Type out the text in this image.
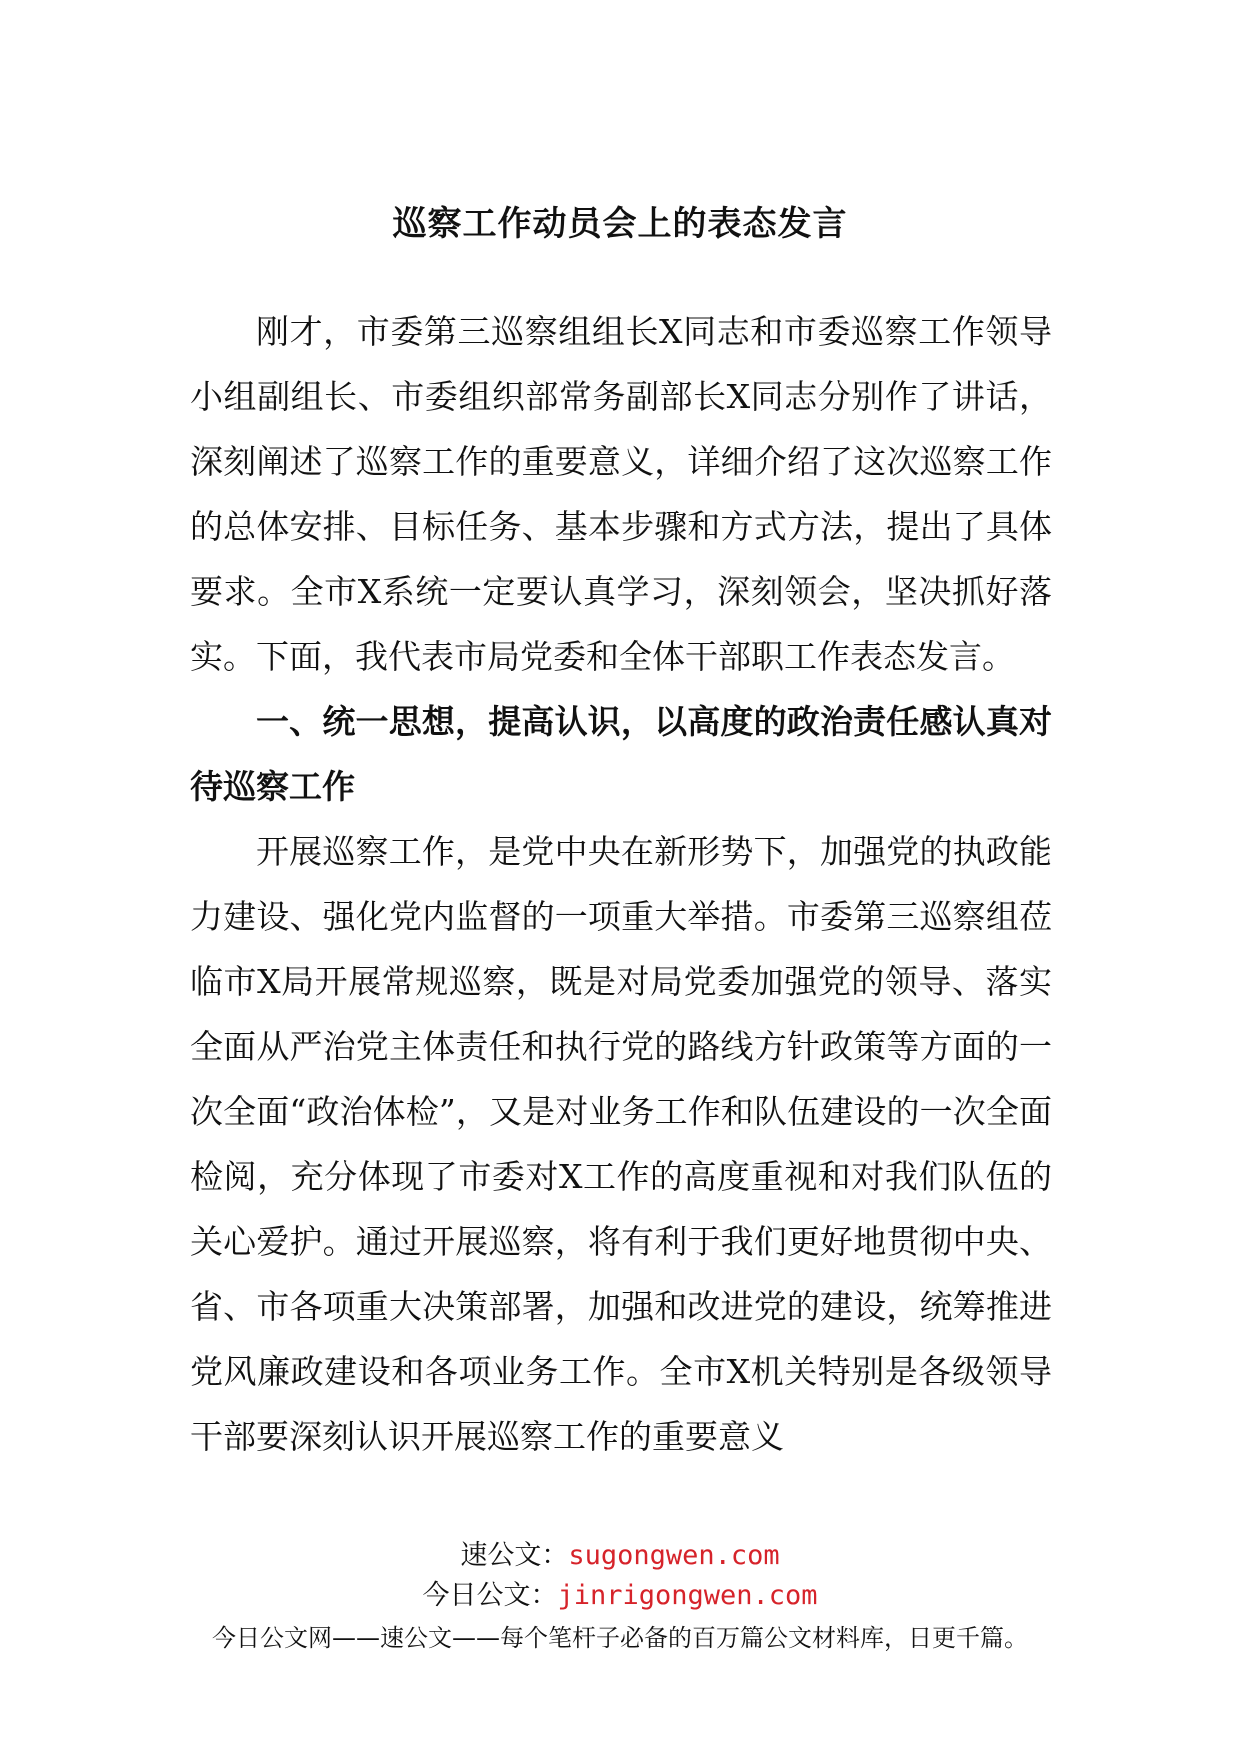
巡察工作动员会上的表态发言

刚才，市委第三巡察组组长X同志和市委巡察工作领导小组副组长、市委组织部常务副部长X同志分别作了讲话，深刻阐述了巡察工作的重要意义，详细介绍了这次巡察工作的总体安排、目标任务、基本步骤和方式方法，提出了具体要求。全市X系统一定要认真学习，深刻领会，坚决抓好落实。下面，我代表市局党委和全体干部职工作表态发言。

一、统一思想，提高认识，以高度的政治责任感认真对待巡察工作

开展巡察工作，是党中央在新形势下，加强党的执政能力建设、强化党内监督的一项重大举措。市委第三巡察组莅临市X局开展常规巡察，既是对局党委加强党的领导、落实全面从严治党主体责任和执行党的路线方针政策等方面的一次全面“政治体检”，又是对业务工作和队伍建设的一次全面检阅，充分体现了市委对X工作的高度重视和对我们队伍的关心爱护。通过开展巡察，将有利于我们更好地贯彻中央、省、市各项重大决策部署，加强和改进党的建设，统筹推进党风廉政建设和各项业务工作。全市X机关特别是各级领导干部要深刻认识开展巡察工作的重要意义

速公文：sugongwen.com
今日公文：jinrigongwen.com
今日公文网——速公文——每个笔杆子必备的百万篇公文材料库，日更千篇。
